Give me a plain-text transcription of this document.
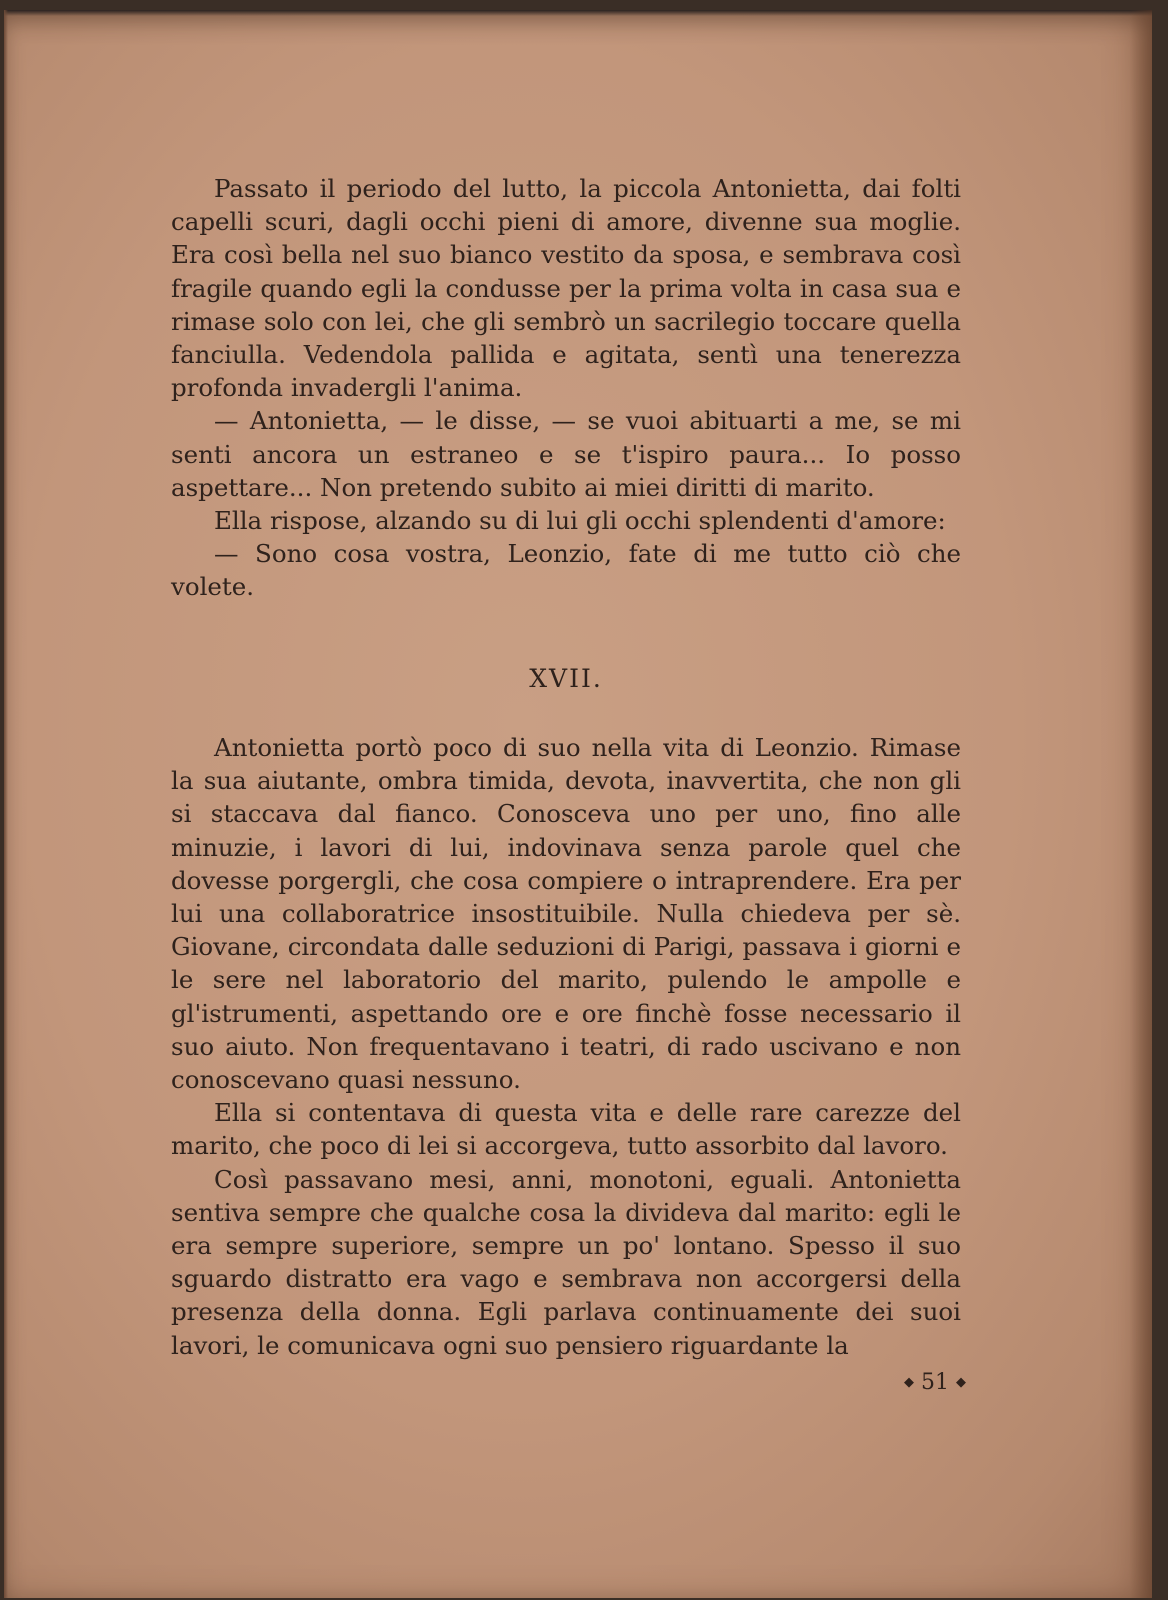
Passato il periodo del lutto, la piccola Antonietta, dai folti capelli scuri, dagli occhi pieni di amore, divenne sua moglie. Era così bella nel suo bianco vestito da sposa, e sembrava così fragile quando egli la condusse per la prima volta in casa sua e rimase solo con lei, che gli sembrò un sacrilegio toccare quella fanciulla. Vedendola pallida e agitata, sentì una tenerezza profonda invadergli l'anima.

— Antonietta, — le disse, — se vuoi abituarti a me, se mi senti ancora un estraneo e se t'ispiro paura... Io posso aspettare... Non pretendo subito ai miei diritti di marito.

Ella rispose, alzando su di lui gli occhi splendenti d'amore:

— Sono cosa vostra, Leonzio, fate di me tutto ciò che volete.

XVII.

Antonietta portò poco di suo nella vita di Leonzio. Rimase la sua aiutante, ombra timida, devota, inavvertita, che non gli si staccava dal fianco. Conosceva uno per uno, fino alle minuzie, i lavori di lui, indovinava senza parole quel che dovesse porgergli, che cosa compiere o intraprendere. Era per lui una collaboratrice insostituibile. Nulla chiedeva per sè. Giovane, circondata dalle seduzioni di Parigi, passava i giorni e le sere nel laboratorio del marito, pulendo le ampolle e gl'istrumenti, aspettando ore e ore finchè fosse necessario il suo aiuto. Non frequentavano i teatri, di rado uscivano e non conoscevano quasi nessuno.

Ella si contentava di questa vita e delle rare carezze del marito, che poco di lei si accorgeva, tutto assorbito dal lavoro.

Così passavano mesi, anni, monotoni, eguali. Antonietta sentiva sempre che qualche cosa la divideva dal marito: egli le era sempre superiore, sempre un po' lontano. Spesso il suo sguardo distratto era vago e sembrava non accorgersi della presenza della donna. Egli parlava continuamente dei suoi lavori, le comunicava ogni suo pensiero riguardante la

◆ 51 ◆
